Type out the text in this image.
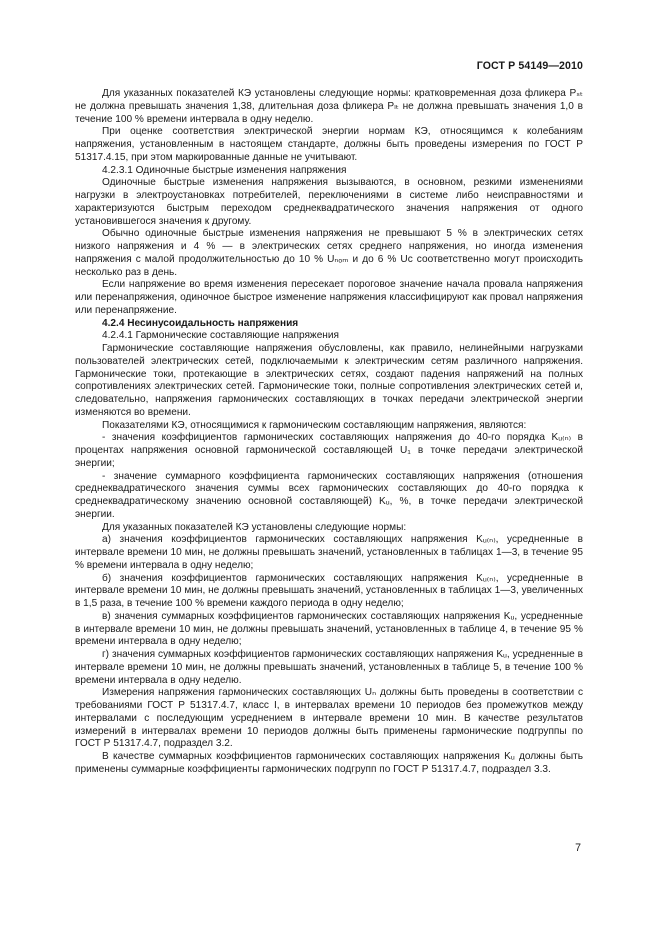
ГОСТ Р 54149—2010

Для указанных показателей КЭ установлены следующие нормы: кратковременная доза фликера Pₛₜ не должна превышать значения 1,38, длительная доза фликера Pₗₜ не должна превышать значения 1,0 в течение 100 % времени интервала в одну неделю.

При оценке соответствия электрической энергии нормам КЭ, относящимся к колебаниям напряжения, установленным в настоящем стандарте, должны быть проведены измерения по ГОСТ Р 51317.4.15, при этом маркированные данные не учитывают.

4.2.3.1 Одиночные быстрые изменения напряжения

Одиночные быстрые изменения напряжения вызываются, в основном, резкими изменениями нагрузки в электроустановках потребителей, переключениями в системе либо неисправностями и характеризуются быстрым переходом среднеквадратического значения напряжения от одного установившегося значения к другому.

Обычно одиночные быстрые изменения напряжения не превышают 5 % в электрических сетях низкого напряжения и 4 % — в электрических сетях среднего напряжения, но иногда изменения напряжения с малой продолжительностью до 10 % Uₙₒₘ и до 6 % Uᴄ соответственно могут происходить несколько раз в день.

Если напряжение во время изменения пересекает пороговое значение начала провала напряжения или перенапряжения, одиночное быстрое изменение напряжения классифицируют как провал напряжения или перенапряжение.

4.2.4 Несинусоидальность напряжения

4.2.4.1 Гармонические составляющие напряжения

Гармонические составляющие напряжения обусловлены, как правило, нелинейными нагрузками пользователей электрических сетей, подключаемыми к электрическим сетям различного напряжения. Гармонические токи, протекающие в электрических сетях, создают падения напряжений на полных сопротивлениях электрических сетей. Гармонические токи, полные сопротивления электрических сетей и, следовательно, напряжения гармонических составляющих в точках передачи электрической энергии изменяются во времени.

Показателями КЭ, относящимися к гармоническим составляющим напряжения, являются:

- значения коэффициентов гармонических составляющих напряжения до 40-го порядка Kᵤ₍ₙ₎ в процентах напряжения основной гармонической составляющей U₁ в точке передачи электрической энергии;

- значение суммарного коэффициента гармонических составляющих напряжения (отношения среднеквадратического значения суммы всех гармонических составляющих до 40-го порядка к среднеквадратическому значению основной составляющей) Kᵤ, %, в точке передачи электрической энергии.

Для указанных показателей КЭ установлены следующие нормы:

а) значения коэффициентов гармонических составляющих напряжения Kᵤ₍ₙ₎, усредненные в интервале времени 10 мин, не должны превышать значений, установленных в таблицах 1—3, в течение 95 % времени интервала в одну неделю;

б) значения коэффициентов гармонических составляющих напряжения Kᵤ₍ₙ₎, усредненные в интервале времени 10 мин, не должны превышать значений, установленных в таблицах 1—3, увеличенных в 1,5 раза, в течение 100 % времени каждого периода в одну неделю;

в) значения суммарных коэффициентов гармонических составляющих напряжения Kᵤ, усредненные в интервале времени 10 мин, не должны превышать значений, установленных в таблице 4, в течение 95 % времени интервала в одну неделю;

г) значения суммарных коэффициентов гармонических составляющих напряжения Kᵤ, усредненные в интервале времени 10 мин, не должны превышать значений, установленных в таблице 5, в течение 100 % времени интервала в одну неделю.

Измерения напряжения гармонических составляющих Uₙ должны быть проведены в соответствии с требованиями ГОСТ Р 51317.4.7, класс I, в интервалах времени 10 периодов без промежутков между интервалами с последующим усреднением в интервале времени 10 мин. В качестве результатов измерений в интервалах времени 10 периодов должны быть применены гармонические подгруппы по ГОСТ Р 51317.4.7, подраздел 3.2.

В качестве суммарных коэффициентов гармонических составляющих напряжения Kᵤ должны быть применены суммарные коэффициенты гармонических подгрупп по ГОСТ Р 51317.4.7, подраздел 3.3.

7
